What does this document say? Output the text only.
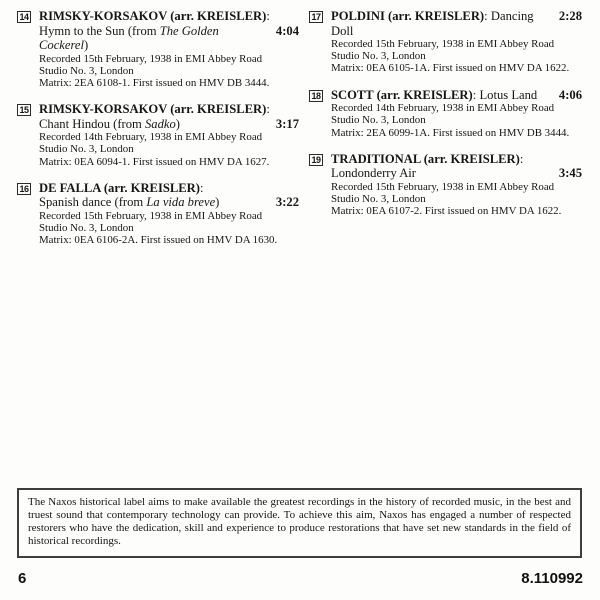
14 RIMSKY-KORSAKOV (arr. KREISLER):
Hymn to the Sun (from The Golden Cockerel)
4:04
Recorded 15th February, 1938 in EMI Abbey Road
Studio No. 3, London
Matrix: 2EA 6108-1. First issued on HMV DB 3444.
15 RIMSKY-KORSAKOV (arr. KREISLER):
Chant Hindou (from Sadko)	3:17
Recorded 14th February, 1938 in EMI Abbey Road
Studio No. 3, London
Matrix: 0EA 6094-1. First issued on HMV DA 1627.
16 DE FALLA (arr. KREISLER):
Spanish dance (from La vida breve)	3:22
Recorded 15th February, 1938 in EMI Abbey Road
Studio No. 3, London
Matrix: 0EA 6106-2A. First issued on HMV DA 1630.
17 POLDINI (arr. KREISLER): Dancing Doll
2:28
Recorded 15th February, 1938 in EMI Abbey Road
Studio No. 3, London
Matrix: 0EA 6105-1A. First issued on HMV DA 1622.
18 SCOTT (arr. KREISLER): Lotus Land 4:06
Recorded 14th February, 1938 in EMI Abbey Road
Studio No. 3, London
Matrix: 2EA 6099-1A. First issued on HMV DB 3444.
19 TRADITIONAL (arr. KREISLER):
Londonderry Air	3:45
Recorded 15th February, 1938 in EMI Abbey Road
Studio No. 3, London
Matrix: 0EA 6107-2. First issued on HMV DA 1622.

The Naxos historical label aims to make available the greatest recordings in the history of recorded music, in the best and truest sound that contemporary technology can provide. To achieve this aim, Naxos has engaged a number of respected restorers who have the dedication, skill and experience to produce restorations that have set new standards in the field of historical recordings.

6	8.110992
